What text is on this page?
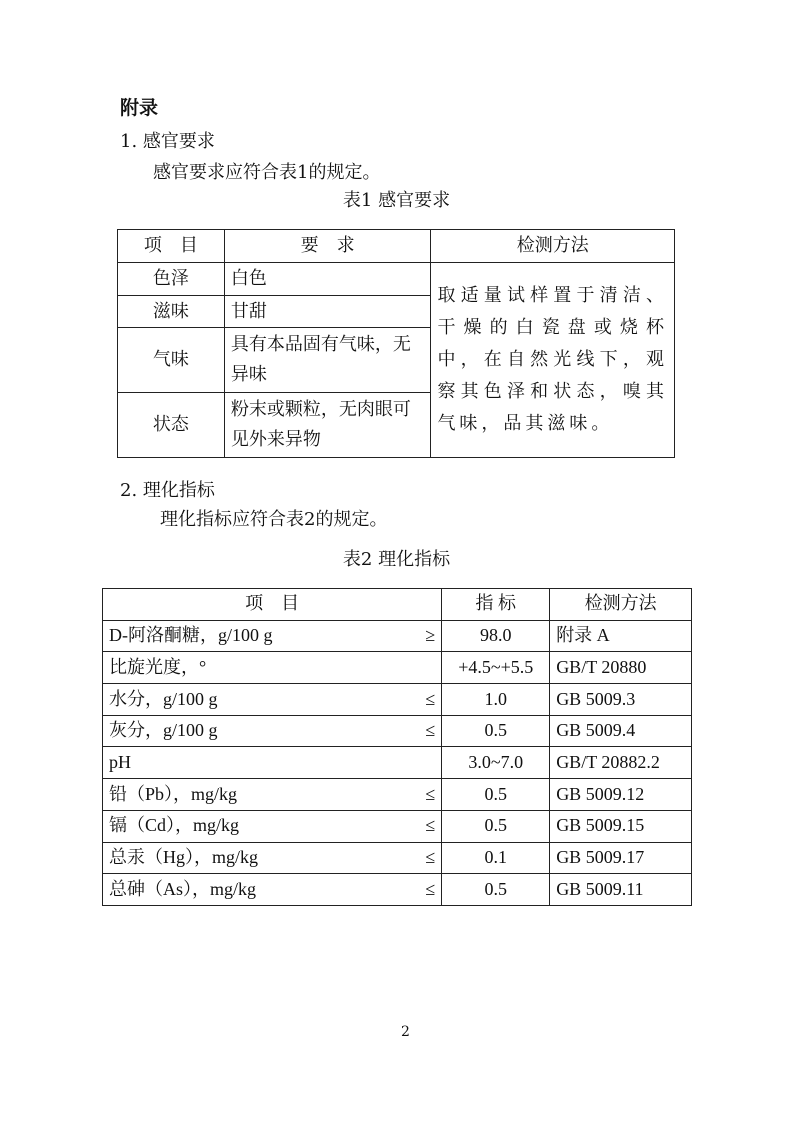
附录
1. 感官要求
感官要求应符合表1的规定。
表1 感官要求
项　目	要　求	检测方法
色泽	白色	取适量试样置于清洁、干燥的白瓷盘或烧杯中，在自然光线下，观察其色泽和状态，嗅其气味，品其滋味。
滋味	甘甜	
气味	具有本品固有气味，无异味	
状态	粉末或颗粒，无肉眼可见外来异物	
2. 理化指标
理化指标应符合表2的规定。
表2 理化指标
项　目	指 标	检测方法
D-阿洛酮糖，g/100 g ≥	98.0	附录 A
比旋光度，°	+4.5~+5.5	GB/T 20880
水分，g/100 g ≤	1.0	GB 5009.3
灰分，g/100 g ≤	0.5	GB 5009.4
pH	3.0~7.0	GB/T 20882.2
铅（Pb），mg/kg ≤	0.5	GB 5009.12
镉（Cd），mg/kg ≤	0.5	GB 5009.15
总汞（Hg），mg/kg ≤	0.1	GB 5009.17
总砷（As），mg/kg ≤	0.5	GB 5009.11
2
